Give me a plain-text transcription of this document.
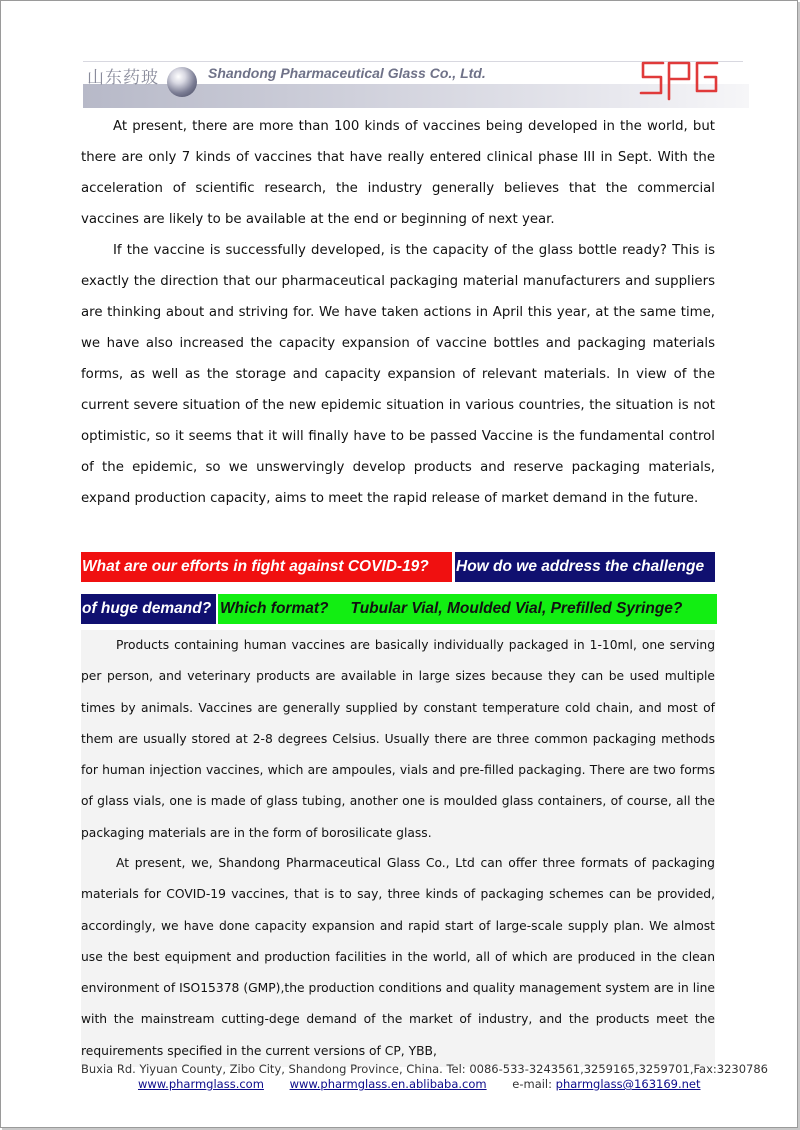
山东药玻	Shandong Pharmaceutical Glass Co., Ltd.

At present, there are more than 100 kinds of vaccines being developed in the world, but there are only 7 kinds of vaccines that have really entered clinical phase III in Sept. With the acceleration of scientific research, the industry generally believes that the commercial vaccines are likely to be available at the end or beginning of next year.

If the vaccine is successfully developed, is the capacity of the glass bottle ready? This is exactly the direction that our pharmaceutical packaging material manufacturers and suppliers are thinking about and striving for. We have taken actions in April this year, at the same time, we have also increased the capacity expansion of vaccine bottles and packaging materials forms, as well as the storage and capacity expansion of relevant materials. In view of the current severe situation of the new epidemic situation in various countries, the situation is not optimistic, so it seems that it will finally have to be passed Vaccine is the fundamental control of the epidemic, so we unswervingly develop products and reserve packaging materials, expand production capacity, aims to meet the rapid release of market demand in the future.

What are our efforts in fight against COVID-19?	How do we address the challenge
of huge demand? Which format? Tubular Vial, Moulded Vial, Prefilled Syringe?

Products containing human vaccines are basically individually packaged in 1-10ml, one serving per person, and veterinary products are available in large sizes because they can be used multiple times by animals. Vaccines are generally supplied by constant temperature cold chain, and most of them are usually stored at 2-8 degrees Celsius. Usually there are three common packaging methods for human injection vaccines, which are ampoules, vials and pre-filled packaging. There are two forms of glass vials, one is made of glass tubing, another one is moulded glass containers, of course, all the packaging materials are in the form of borosilicate glass.

At present, we, Shandong Pharmaceutical Glass Co., Ltd can offer three formats of packaging materials for COVID-19 vaccines, that is to say, three kinds of packaging schemes can be provided, accordingly, we have done capacity expansion and rapid start of large-scale supply plan. We almost use the best equipment and production facilities in the world, all of which are produced in the clean environment of ISO15378 (GMP),the production conditions and quality management system are in line with the mainstream cutting-dege demand of the market of industry, and the products meet the requirements specified in the current versions of CP, YBB,

Buxia Rd. Yiyuan County, Zibo City, Shandong Province, China. Tel: 0086-533-3243561,3259165,3259701,Fax:3230786
www.pharmglass.com www.pharmglass.en.ablibaba.com e-mail: pharmglass@163169.net
